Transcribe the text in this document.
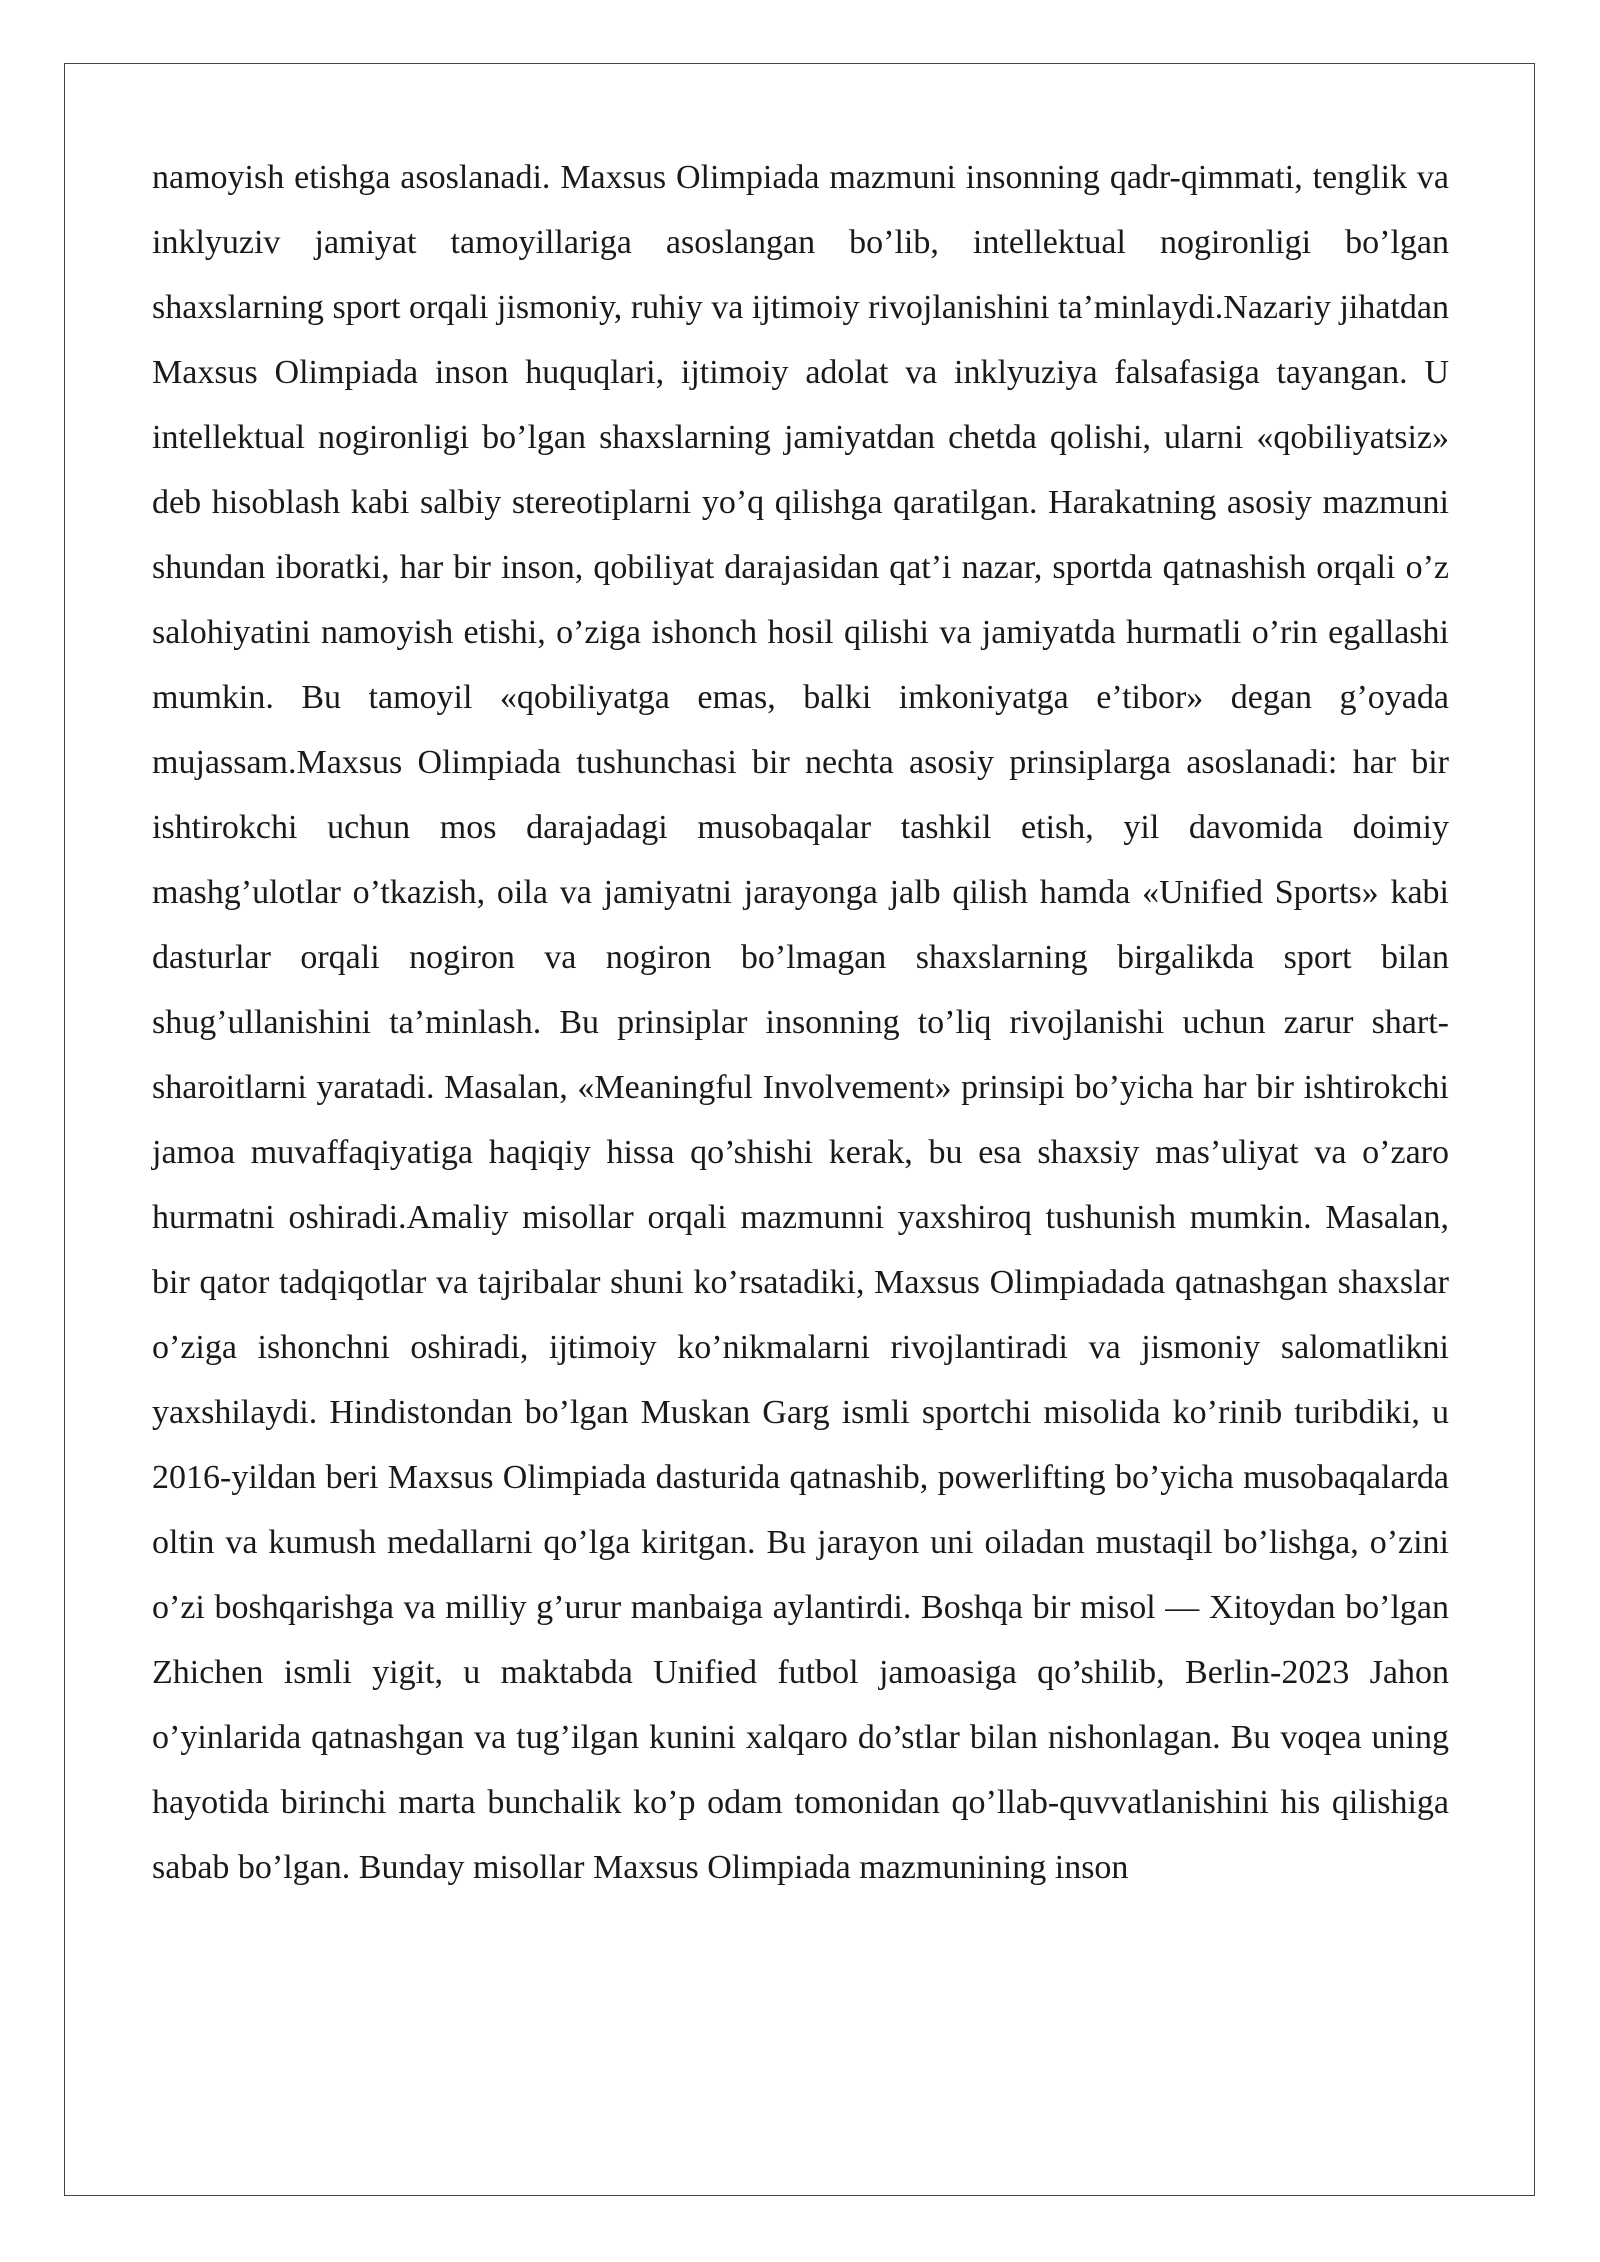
namoyish etishga asoslanadi. Maxsus Olimpiada mazmuni insonning qadr-qimmati, tenglik va inklyuziv jamiyat tamoyillariga asoslangan bo’lib, intellektual nogironligi bo’lgan shaxslarning sport orqali jismoniy, ruhiy va ijtimoiy rivojlanishini ta’minlaydi.Nazariy jihatdan Maxsus Olimpiada inson huquqlari, ijtimoiy adolat va inklyuziya falsafasiga tayangan. U intellektual nogironligi bo’lgan shaxslarning jamiyatdan chetda qolishi, ularni «qobiliyatsiz» deb hisoblash kabi salbiy stereotiplarni yo’q qilishga qaratilgan. Harakatning asosiy mazmuni shundan iboratki, har bir inson, qobiliyat darajasidan qat’i nazar, sportda qatnashish orqali o’z salohiyatini namoyish etishi, o’ziga ishonch hosil qilishi va jamiyatda hurmatli o’rin egallashi mumkin. Bu tamoyil «qobiliyatga emas, balki imkoniyatga e’tibor» degan g’oyada mujassam.Maxsus Olimpiada tushunchasi bir nechta asosiy prinsiplarga asoslanadi: har bir ishtirokchi uchun mos darajadagi musobaqalar tashkil etish, yil davomida doimiy mashg’ulotlar o’tkazish, oila va jamiyatni jarayonga jalb qilish hamda «Unified Sports» kabi dasturlar orqali nogiron va nogiron bo’lmagan shaxslarning birgalikda sport bilan shug’ullanishini ta’minlash. Bu prinsiplar insonning to’liq rivojlanishi uchun zarur shart-sharoitlarni yaratadi. Masalan, «Meaningful Involvement» prinsipi bo’yicha har bir ishtirokchi jamoa muvaffaqiyatiga haqiqiy hissa qo’shishi kerak, bu esa shaxsiy mas’uliyat va o’zaro hurmatni oshiradi.Amaliy misollar orqali mazmunni yaxshiroq tushunish mumkin. Masalan, bir qator tadqiqotlar va tajribalar shuni ko’rsatadiki, Maxsus Olimpiadada qatnashgan shaxslar o’ziga ishonchni oshiradi, ijtimoiy ko’nikmalarni rivojlantiradi va jismoniy salomatlikni yaxshilaydi. Hindistondan bo’lgan Muskan Garg ismli sportchi misolida ko’rinib turibdiki, u 2016-yildan beri Maxsus Olimpiada dasturida qatnashib, powerlifting bo’yicha musobaqalarda oltin va kumush medallarni qo’lga kiritgan. Bu jarayon uni oiladan mustaqil bo’lishga, o’zini o’zi boshqarishga va milliy g’urur manbaiga aylantirdi. Boshqa bir misol — Xitoydan bo’lgan Zhichen ismli yigit, u maktabda Unified futbol jamoasiga qo’shilib, Berlin-2023 Jahon o’yinlarida qatnashgan va tug’ilgan kunini xalqaro do’stlar bilan nishonlagan. Bu voqea uning hayotida birinchi marta bunchalik ko’p odam tomonidan qo’llab-quvvatlanishini his qilishiga sabab bo’lgan. Bunday misollar Maxsus Olimpiada mazmunining inson
